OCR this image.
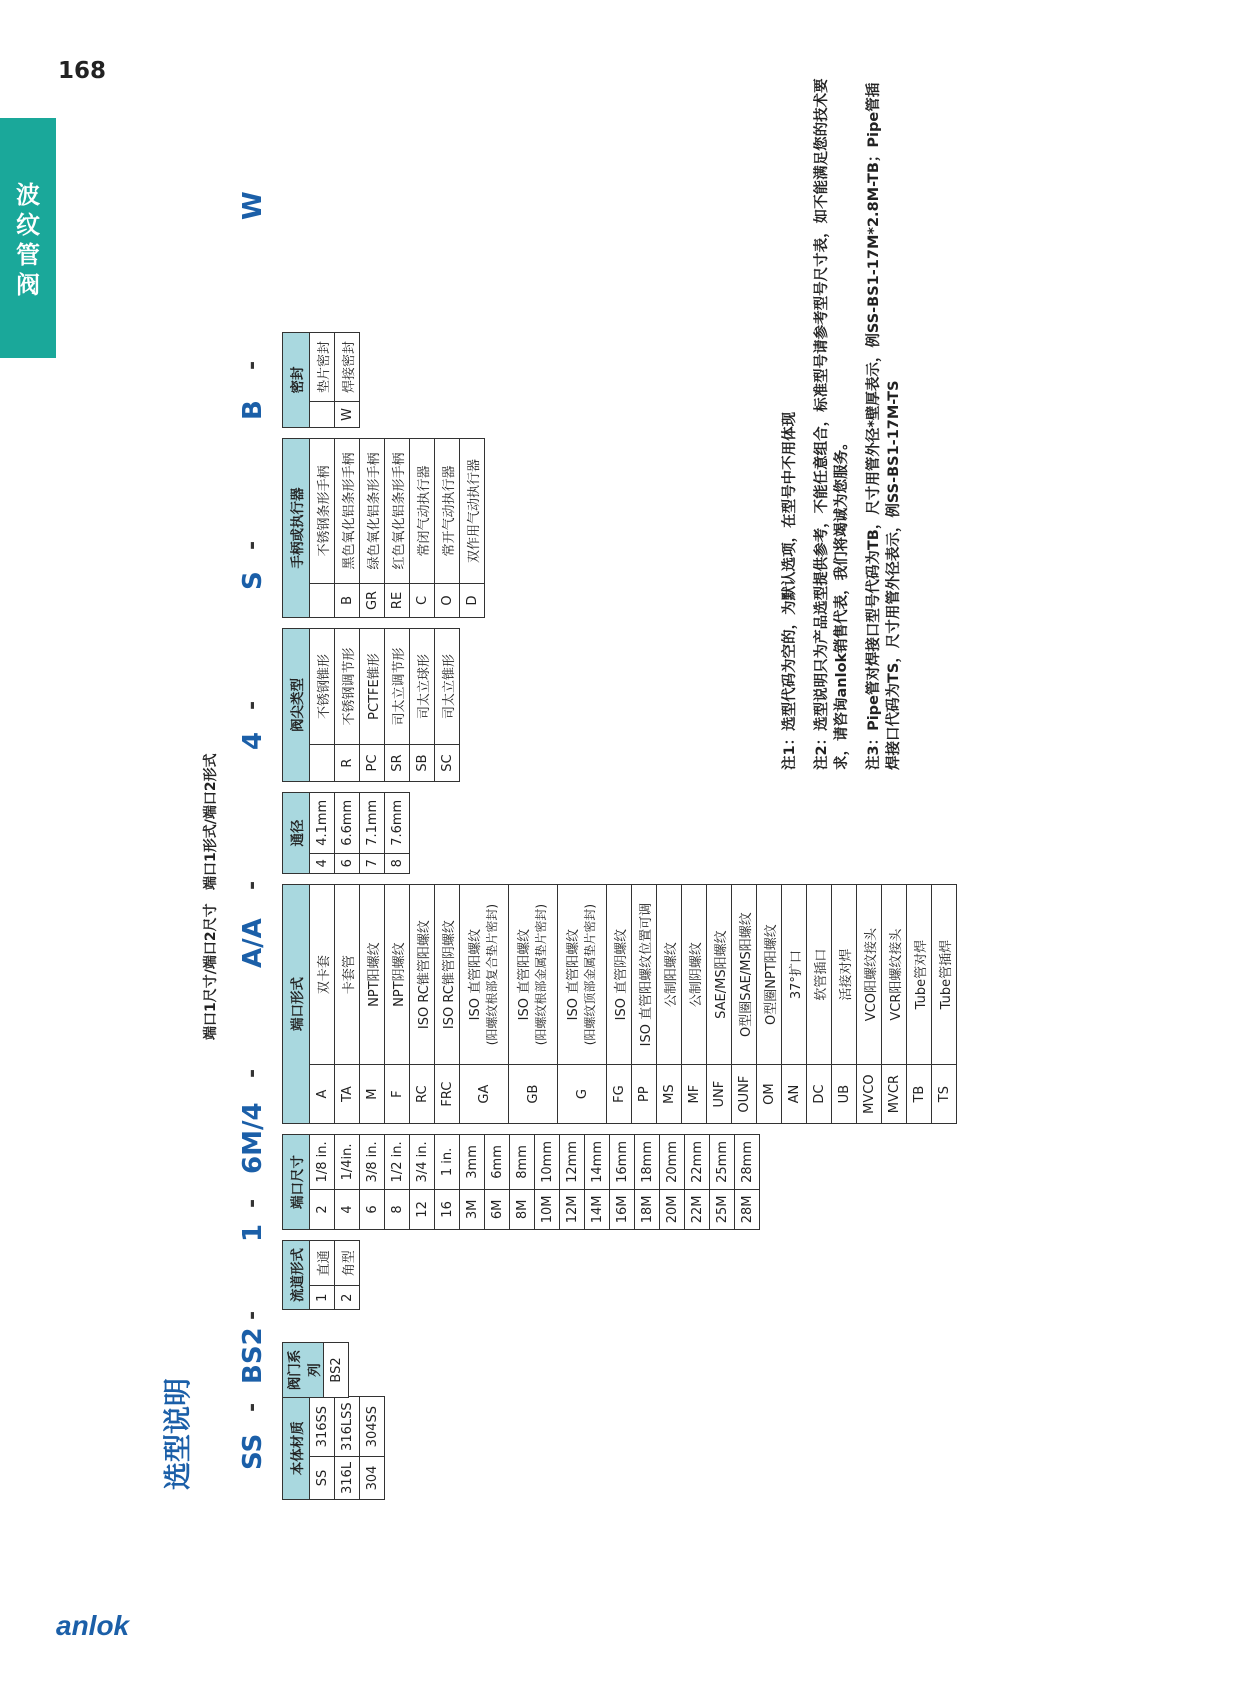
168
波纹管阀
anlok
选型说明
端口1尺寸/端口2尺寸
端口1形式/端口2形式
SS
-
BS2
-
1
-
6M/4
-
A/A
-
4
-
S
-
B
-
W
本体材质	
SS	316SS
316L	316LSS
304	304SS
阀门系列
BS2
流道形式	
1	直通
2	角型
端口尺寸	
2	1/8 in.
4	1/4in.
6	3/8 in.
8	1/2 in.
12	3/4 in.
16	1 in.
3M	3mm
6M	6mm
8M	8mm
10M	10mm
12M	12mm
14M	14mm
16M	16mm
18M	18mm
20M	20mm
22M	22mm
25M	25mm
28M	28mm
端口形式	
A	双卡套
TA	卡套管
M	NPT阳螺纹
F	NPT阴螺纹
RC	ISO RC锥管阳螺纹
FRC	ISO RC锥管阴螺纹
GA	ISO 直管阳螺纹 (阳螺纹根部复合垫片密封)

GB	ISO 直管阳螺纹 (阳螺纹根部金属垫片密封)

G	ISO 直管阳螺纹 (阳螺纹顶部金属垫片密封)

FG	ISO 直管阴螺纹
PP	ISO 直管阳螺纹位置可调
MS	公制阳螺纹
MF	公制阴螺纹
UNF	SAE/MS阳螺纹
OUNF	O型圈SAE/MS阳螺纹
OM	O型圈NPT阳螺纹
AN	37°扩口
DC	软管插口
UB	活接对焊
MVCO	VCO阳螺纹接头
MVCR	VCR阳螺纹接头
TB	Tube管对焊
TS	Tube管插焊
通径	
4	4.1mm
6	6.6mm
7	7.1mm
8	7.6mm
阀尖类型	
	不锈钢锥形
R	不锈钢调节形
PC	PCTFE锥形
SR	司太立调节形
SB	司太立球形
SC	司太立锥形
手柄或执行器	
	不锈钢条形手柄
B	黑色氧化铝条形手柄
GR	绿色氧化铝条形手柄
RE	红色氧化铝条形手柄
C	常闭气动执行器
O	常开气动执行器
D	双作用气动执行器
密封	
	垫片密封
W	焊接密封

注1：选型代码为空的，为默认选项，在型号中不用体现 注2：选型说明只为产品选型提供参考，不能任意组合，标准型号请参考型号尺寸表，如不能满足您的技术要求，请咨询anlok销售代表，我们将竭诚为您服务。 注3：Pipe管对焊接口型号代码为TB，尺寸用管外径*壁厚表示，例SS-BS1-17M*2.8M-TB；Pipe管插焊接口代码为TS，尺寸用管外径表示，例SS-BS1-17M-TS
